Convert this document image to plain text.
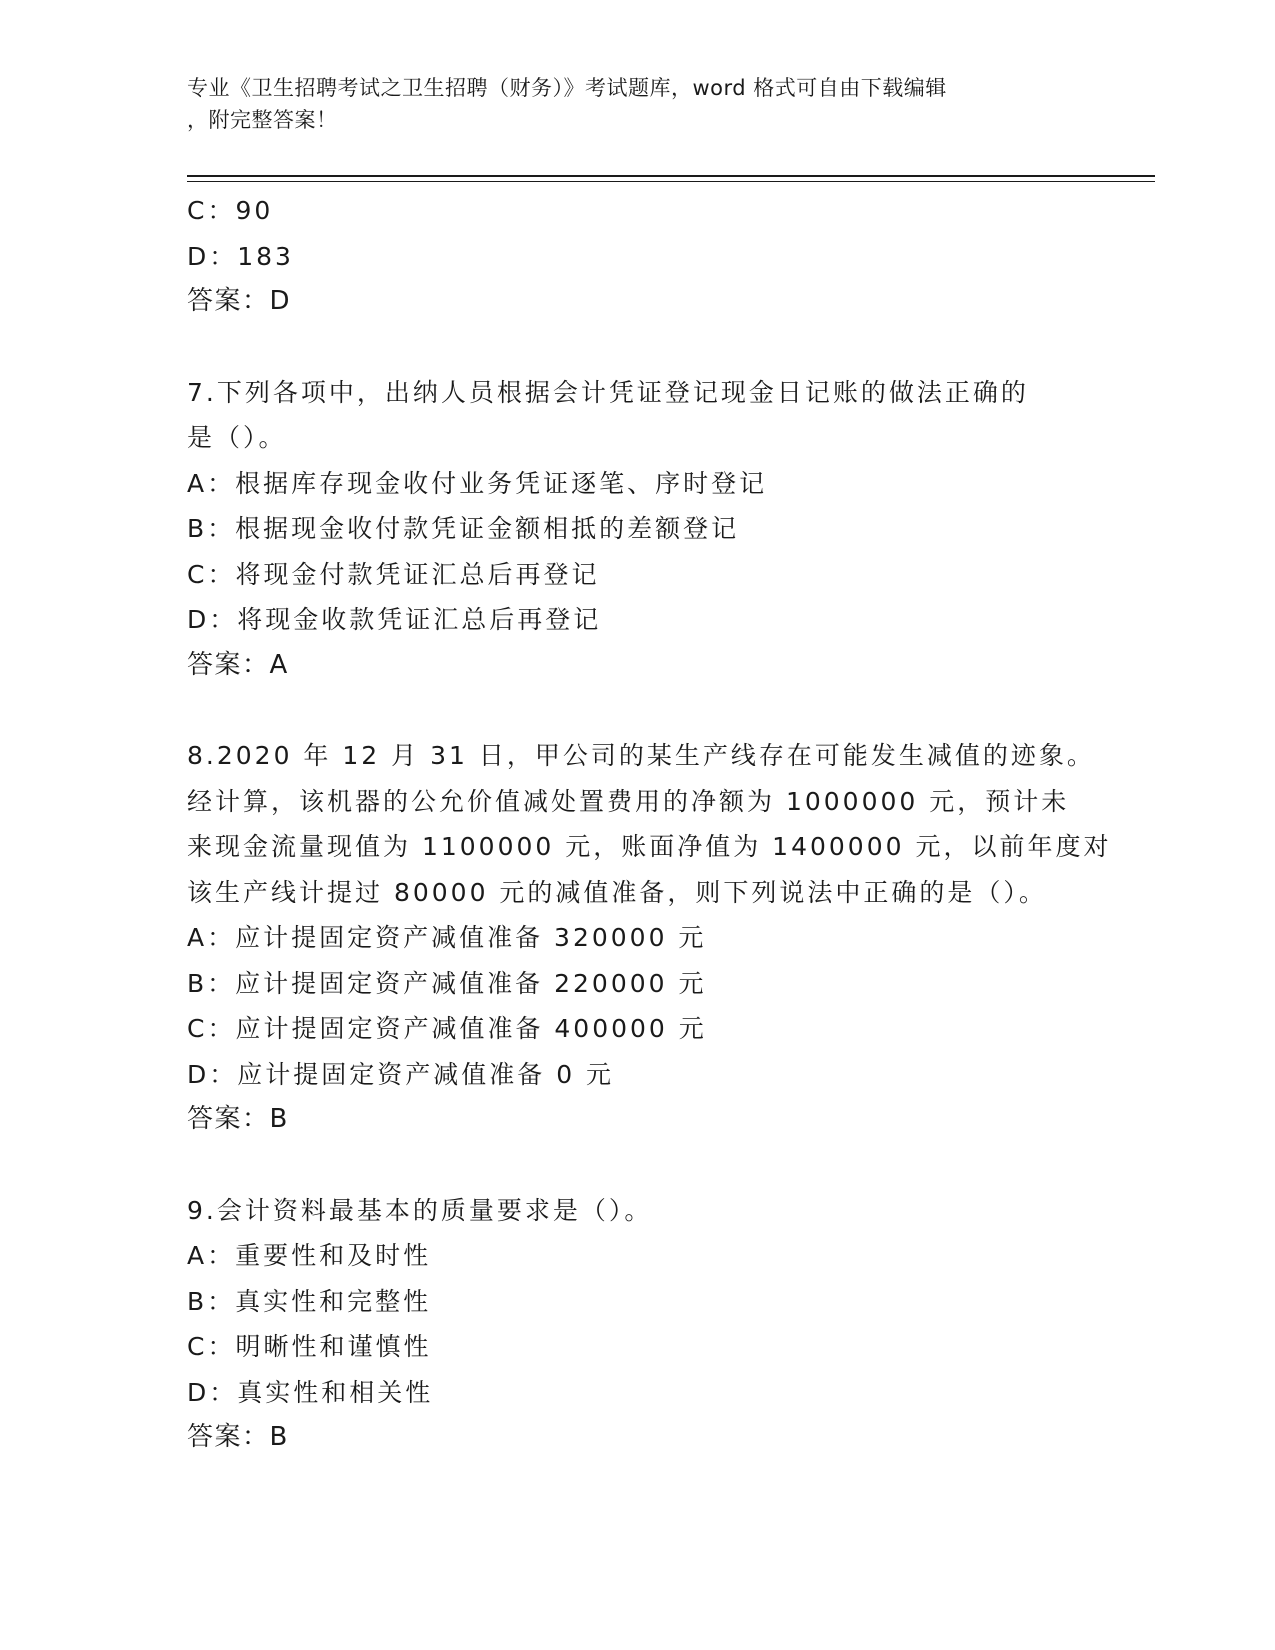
专业《卫生招聘考试之卫生招聘（财务）》考试题库，word 格式可自由下载编辑
，附完整答案！
C：90
D：183
答案：D
7.下列各项中，出纳人员根据会计凭证登记现金日记账的做法正确的
是（）。
A：根据库存现金收付业务凭证逐笔、序时登记
B：根据现金收付款凭证金额相抵的差额登记
C：将现金付款凭证汇总后再登记
D：将现金收款凭证汇总后再登记
答案：A
8.2020 年 12 月 31 日，甲公司的某生产线存在可能发生减值的迹象。
经计算，该机器的公允价值减处置费用的净额为 1000000 元，预计未
来现金流量现值为 1100000 元，账面净值为 1400000 元，以前年度对
该生产线计提过 80000 元的减值准备，则下列说法中正确的是（）。
A：应计提固定资产减值准备 320000 元
B：应计提固定资产减值准备 220000 元
C：应计提固定资产减值准备 400000 元
D：应计提固定资产减值准备 0 元
答案：B
9.会计资料最基本的质量要求是（）。
A：重要性和及时性
B：真实性和完整性
C：明晰性和谨慎性
D：真实性和相关性
答案：B
